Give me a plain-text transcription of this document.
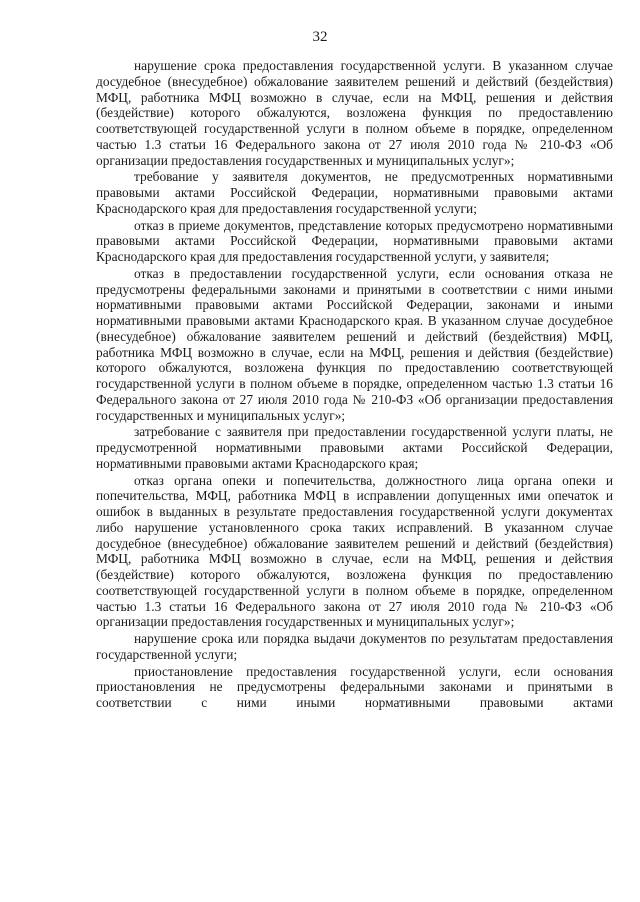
32

нарушение срока предоставления государственной услуги. В указанном случае досудебное (внесудебное) обжалование заявителем решений и действий (бездействия) МФЦ, работника МФЦ возможно в случае, если на МФЦ, решения и действия (бездействие) которого обжалуются, возложена функция по предоставлению соответствующей государственной услуги в полном объеме в порядке, определенном частью 1.3 статьи 16 Федерального закона от 27 июля 2010 года № 210-ФЗ «Об организации предоставления государственных и муниципальных услуг»;

требование у заявителя документов, не предусмотренных нормативными правовыми актами Российской Федерации, нормативными правовыми актами Краснодарского края для предоставления государственной услуги;

отказ в приеме документов, представление которых предусмотрено нормативными правовыми актами Российской Федерации, нормативными правовыми актами Краснодарского края для предоставления государственной услуги, у заявителя;

отказ в предоставлении государственной услуги, если основания отказа не предусмотрены федеральными законами и принятыми в соответствии с ними иными нормативными правовыми актами Российской Федерации, законами и иными нормативными правовыми актами Краснодарского края. В указанном случае досудебное (внесудебное) обжалование заявителем решений и действий (бездействия) МФЦ, работника МФЦ возможно в случае, если на МФЦ, решения и действия (бездействие) которого обжалуются, возложена функция по предоставлению соответствующей государственной услуги в полном объеме в порядке, определенном частью 1.3 статьи 16 Федерального закона от 27 июля 2010 года № 210-ФЗ «Об организации предоставления государственных и муниципальных услуг»;

затребование с заявителя при предоставлении государственной услуги платы, не предусмотренной нормативными правовыми актами Российской Федерации, нормативными правовыми актами Краснодарского края;

отказ органа опеки и попечительства, должностного лица органа опеки и попечительства, МФЦ, работника МФЦ в исправлении допущенных ими опечаток и ошибок в выданных в результате предоставления государственной услуги документах либо нарушение установленного срока таких исправлений. В указанном случае досудебное (внесудебное) обжалование заявителем решений и действий (бездействия) МФЦ, работника МФЦ возможно в случае, если на МФЦ, решения и действия (бездействие) которого обжалуются, возложена функция по предоставлению соответствующей государственной услуги в полном объеме в порядке, определенном частью 1.3 статьи 16 Федерального закона от 27 июля 2010 года № 210-ФЗ «Об организации предоставления государственных и муниципальных услуг»;

нарушение срока или порядка выдачи документов по результатам предоставления государственной услуги;

приостановление предоставления государственной услуги, если основания приостановления не предусмотрены федеральными законами и принятыми в соответствии с ними иными нормативными правовыми актами
